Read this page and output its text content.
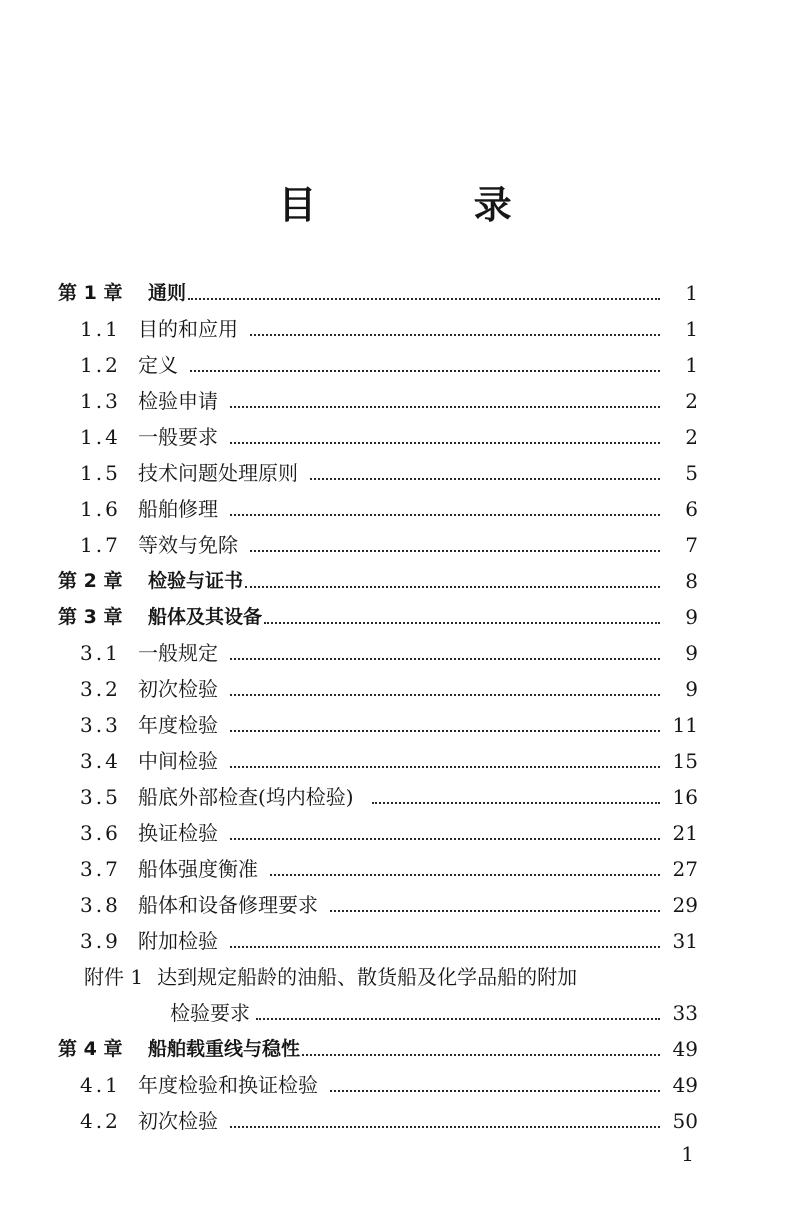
目 录
第 1 章 通则	1
1.1 目的和应用	1
1.2 定义	1
1.3 检验申请	2
1.4 一般要求	2
1.5 技术问题处理原则	5
1.6 船舶修理	6
1.7 等效与免除	7
第 2 章 检验与证书	8
第 3 章 船体及其设备	9
3.1 一般规定	9
3.2 初次检验	9
3.3 年度检验	11
3.4 中间检验	15
3.5 船底外部检查(坞内检验)	16
3.6 换证检验	21
3.7 船体强度衡准	27
3.8 船体和设备修理要求	29
3.9 附加检验	31
附件 1 达到规定船龄的油船、散货船及化学品船的附加
检验要求	33
第 4 章 船舶载重线与稳性	49
4.1 年度检验和换证检验	49
4.2 初次检验	50
1
